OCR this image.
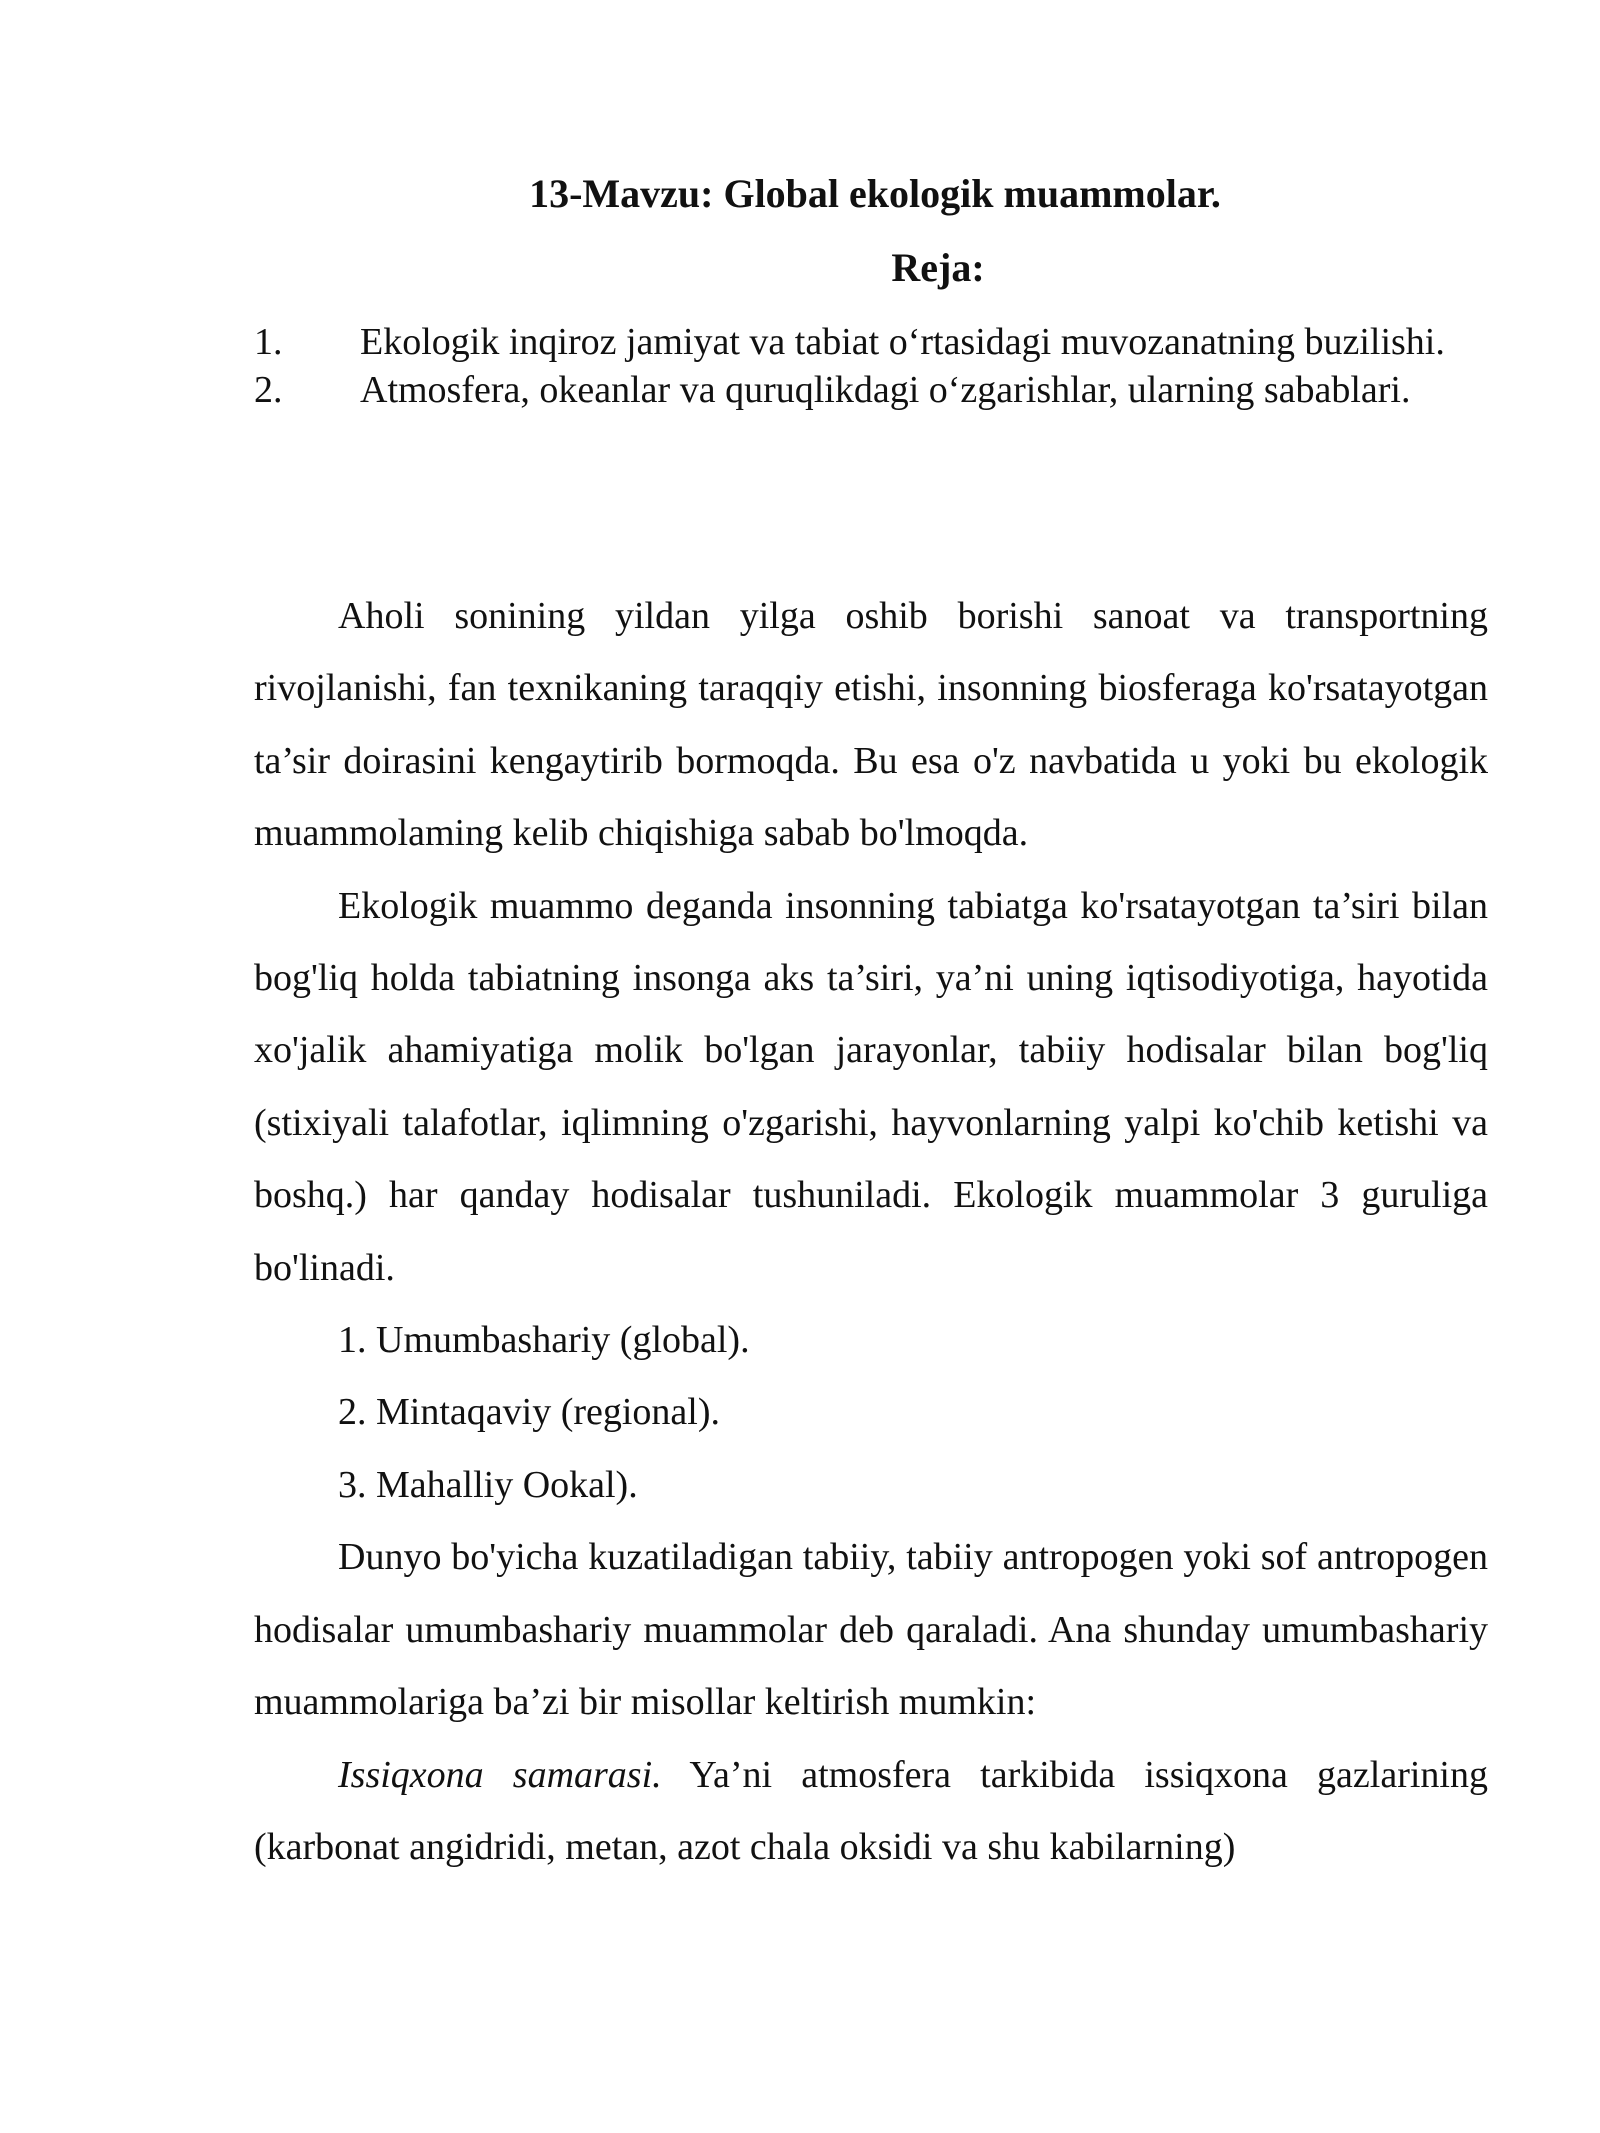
13-Mavzu: Global ekologik muammolar.
Reja:
1. Ekologik inqiroz jamiyat va tabiat o‘rtasidagi muvozanatning buzilishi.
2. Atmosfera, okeanlar va quruqlikdagi o‘zgarishlar, ularning sabablari.

Aholi sonining yildan yilga oshib borishi sanoat va transportning rivojlanishi, fan texnikaning taraqqiy etishi, insonning biosferaga ko'rsatayotgan ta’sir doirasini kengaytirib bormoqda. Bu esa o'z navbatida u yoki bu ekologik muammolaming kelib chiqishiga sabab bo'lmoqda.

Ekologik muammo deganda insonning tabiatga ko'rsatayotgan ta’siri bilan bog'liq holda tabiatning insonga aks ta’siri, ya’ni uning iqtisodiyotiga, hayotida xo'jalik ahamiyatiga molik bo'lgan jarayonlar, tabiiy hodisalar bilan bog'liq (stixiyali talafotlar, iqlimning o'zgarishi, hayvonlarning yalpi ko'chib ketishi va boshq.) har qanday hodisalar tushuniladi. Ekologik muammolar 3 guruliga bo'linadi.

1. Umumbashariy (global).

2. Mintaqaviy (regional).

3. Mahalliy Ookal).

Dunyo bo'yicha kuzatiladigan tabiiy, tabiiy antropogen yoki sof antropogen hodisalar umumbashariy muammolar deb qaraladi. Ana shunday umumbashariy muammolariga ba’zi bir misollar keltirish mumkin:

Issiqxona samarasi. Ya’ni atmosfera tarkibida issiqxona gazlarining (karbonat angidridi, metan, azot chala oksidi va shu kabilarning)
